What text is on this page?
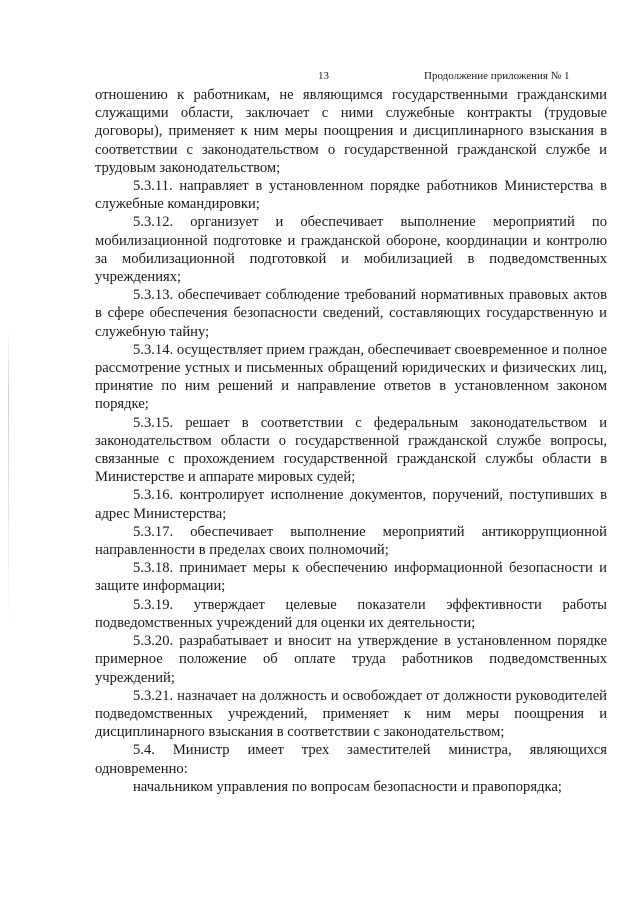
13	Продолжение приложения № 1

отношению к работникам, не являющимся государственными гражданскими служащими области, заключает с ними служебные контракты (трудовые договоры), применяет к ним меры поощрения и дисциплинарного взыскания в соответствии с законодательством о государственной гражданской службе и трудовым законодательством;

5.3.11. направляет в установленном порядке работников Министерства в служебные командировки;

5.3.12. организует и обеспечивает выполнение мероприятий по мобилизационной подготовке и гражданской обороне, координации и контролю за мобилизационной подготовкой и мобилизацией в подведомственных учреждениях;

5.3.13. обеспечивает соблюдение требований нормативных правовых актов в сфере обеспечения безопасности сведений, составляющих государственную и служебную тайну;

5.3.14. осуществляет прием граждан, обеспечивает своевременное и полное рассмотрение устных и письменных обращений юридических и физических лиц, принятие по ним решений и направление ответов в установленном законом порядке;

5.3.15. решает в соответствии с федеральным законодательством и законодательством области о государственной гражданской службе вопросы, связанные с прохождением государственной гражданской службы области в Министерстве и аппарате мировых судей;

5.3.16. контролирует исполнение документов, поручений, поступивших в адрес Министерства;

5.3.17. обеспечивает выполнение мероприятий антикоррупционной направленности в пределах своих полномочий;

5.3.18. принимает меры к обеспечению информационной безопасности и защите информации;

5.3.19. утверждает целевые показатели эффективности работы подведомственных учреждений для оценки их деятельности;

5.3.20. разрабатывает и вносит на утверждение в установленном порядке примерное положение об оплате труда работников подведомственных учреждений;

5.3.21. назначает на должность и освобождает от должности руководителей подведомственных учреждений, применяет к ним меры поощрения и дисциплинарного взыскания в соответствии с законодательством;

5.4. Министр имеет трех заместителей министра, являющихся одновременно:

начальником управления по вопросам безопасности и правопорядка;
